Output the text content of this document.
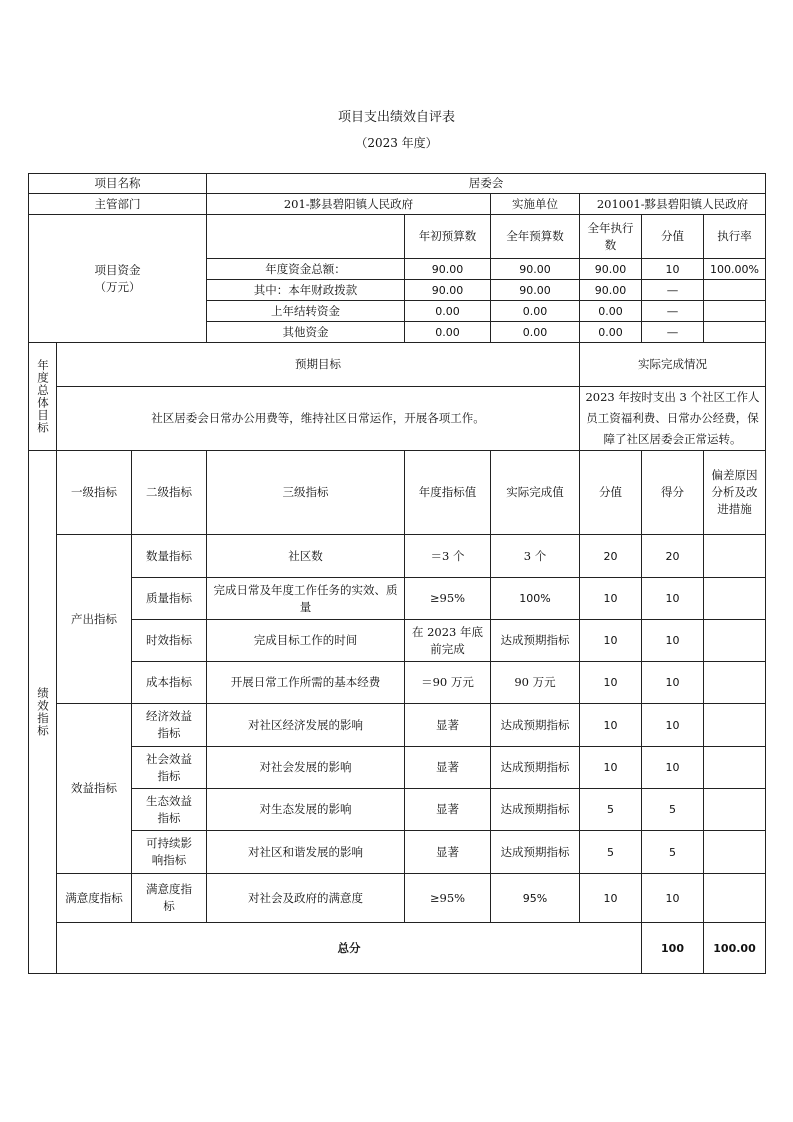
项目支出绩效自评表
（2023 年度）
项目名称			居委会						
主管部门			201-黟县碧阳镇人民政府		实施单位	201001-黟县碧阳镇人民政府			

项目资金
（万元）				年初预算数	全年预算数	全年执行数	分值	执行率	
			年度资金总额：	90.00	90.00	90.00	10	100.00%	
			其中：本年财政拨款	90.00	90.00	90.00	—		
			上年结转资金	0.00	0.00	0.00	—		
			其他资金	0.00	0.00	0.00	—		
年度总体目标	预期目标					实际完成情况			
	社区居委会日常办公用费等，维持社区日常运作，开展各项工作。					2023 年按时支出 3 个社区工作人员工资福利费、日常办公经费，保障了社区居委会正常运转。			
绩效指标	一级指标	二级指标	三级指标	年度指标值	实际完成值	分值	得分	偏差原因分析及改进措施	
	产出指标	数量指标	社区数	＝3 个	3 个	20	20		
		质量指标	完成日常及年度工作任务的实效、质量	≥95%	100%	10	10		
		时效指标	完成目标工作的时间	在 2023 年底前完成	达成预期指标	10	10		
		成本指标	开展日常工作所需的基本经费	＝90 万元	90 万元	10	10		
	效益指标	经济效益指标	对社区经济发展的影响	显著	达成预期指标	10	10		
		社会效益指标	对社会发展的影响	显著	达成预期指标	10	10		
		生态效益指标	对生态发展的影响	显著	达成预期指标	5	5		
		可持续影响指标	对社区和谐发展的影响	显著	达成预期指标	5	5		
	满意度指标	满意度指标	对社会及政府的满意度	≥95%	95%	10	10		
	总分						100	100.00	
